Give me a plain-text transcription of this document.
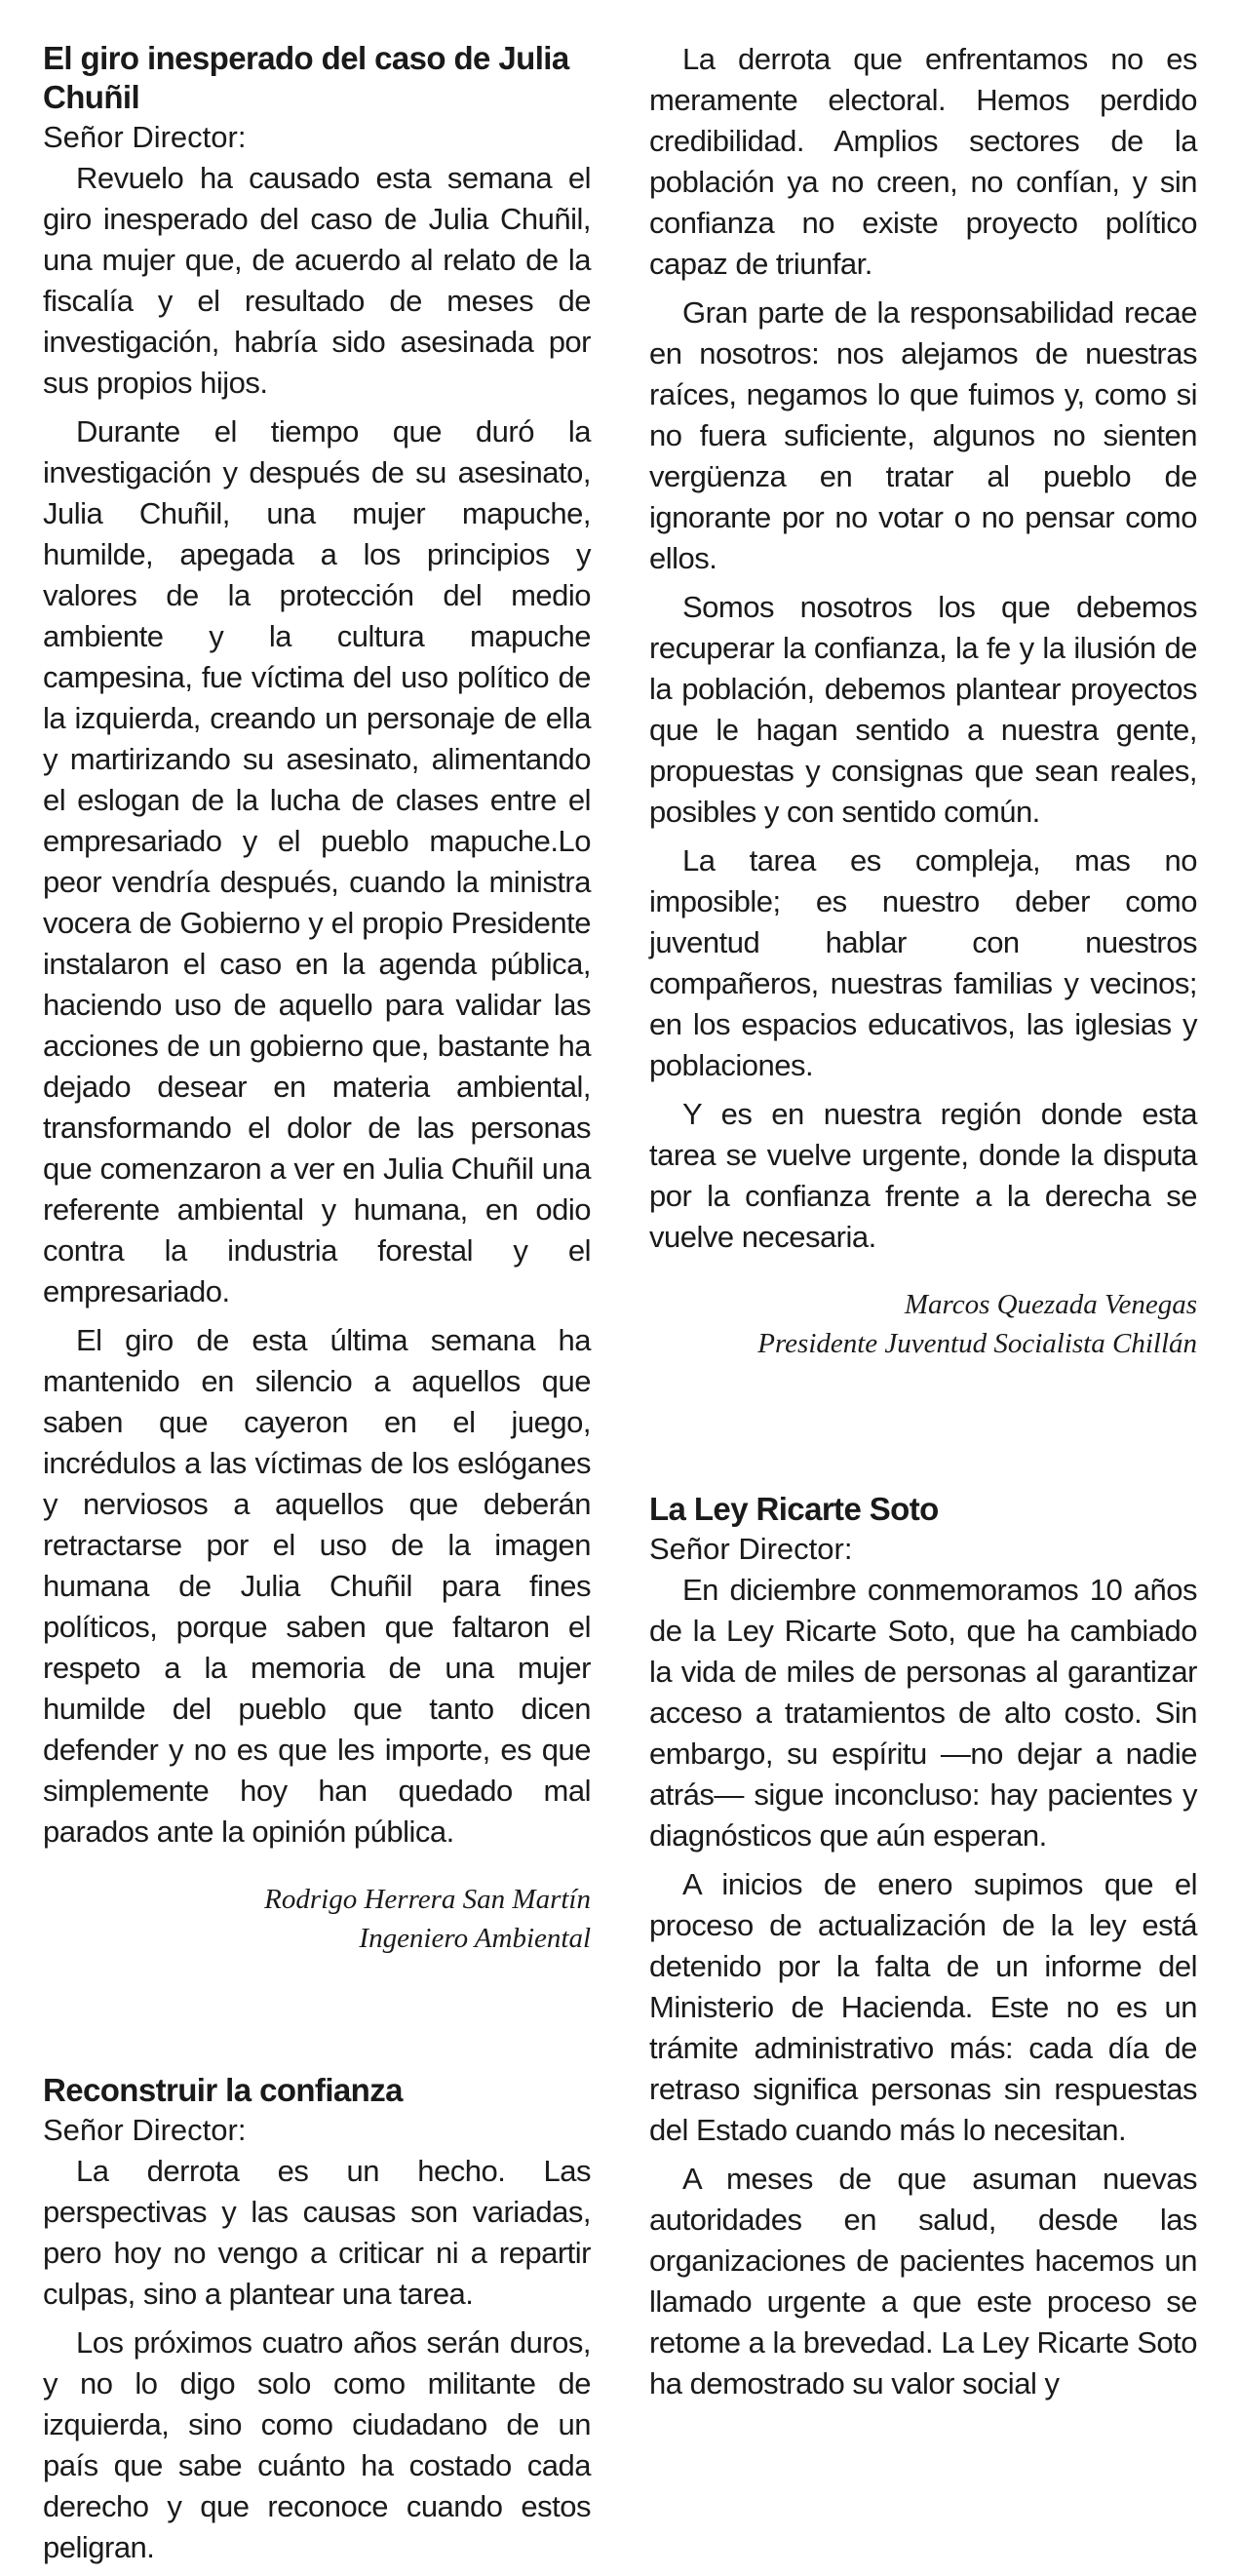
El giro inesperado del caso de Julia Chuñil

Señor Director:

Revuelo ha causado esta semana el giro inesperado del caso de Julia Chuñil, una mujer que, de acuerdo al relato de la fiscalía y el resultado de meses de investigación, habría sido asesinada por sus propios hijos.

Durante el tiempo que duró la investigación y después de su asesinato, Julia Chuñil, una mujer mapuche, humilde, apegada a los principios y valores de la protección del medio ambiente y la cultura mapuche campesina, fue víctima del uso político de la izquierda, creando un personaje de ella y martirizando su asesinato, alimentando el eslogan de la lucha de clases entre el empresariado y el pueblo mapuche.Lo peor vendría después, cuando la ministra vocera de Gobierno y el propio Presidente instalaron el caso en la agenda pública, haciendo uso de aquello para validar las acciones de un gobierno que, bastante ha dejado desear en materia ambiental, transformando el dolor de las personas que comenzaron a ver en Julia Chuñil una referente ambiental y humana, en odio contra la industria forestal y el empresariado.

El giro de esta última semana ha mantenido en silencio a aquellos que saben que cayeron en el juego, incrédulos a las víctimas de los eslóganes y nerviosos a aquellos que deberán retractarse por el uso de la imagen humana de Julia Chuñil para fines políticos, porque saben que faltaron el respeto a la memoria de una mujer humilde del pueblo que tanto dicen defender y no es que les importe, es que simplemente hoy han quedado mal parados ante la opinión pública.

Rodrigo Herrera San Martín

Ingeniero Ambiental

Reconstruir la confianza

Señor Director:

La derrota es un hecho. Las perspectivas y las causas son variadas, pero hoy no vengo a criticar ni a repartir culpas, sino a plantear una tarea.

Los próximos cuatro años serán duros, y no lo digo solo como militante de izquierda, sino como ciudadano de un país que sabe cuánto ha costado cada derecho y que reconoce cuando estos peligran.

La derrota que enfrentamos no es meramente electoral. Hemos perdido credibilidad. Amplios sectores de la población ya no creen, no confían, y sin confianza no existe proyecto político capaz de triunfar.

Gran parte de la responsabilidad recae en nosotros: nos alejamos de nuestras raíces, negamos lo que fuimos y, como si no fuera suficiente, algunos no sienten vergüenza en tratar al pueblo de ignorante por no votar o no pensar como ellos.

Somos nosotros los que debemos recuperar la confianza, la fe y la ilusión de la población, debemos plantear proyectos que le hagan sentido a nuestra gente, propuestas y consignas que sean reales, posibles y con sentido común.

La tarea es compleja, mas no imposible; es nuestro deber como juventud hablar con nuestros compañeros, nuestras familias y vecinos; en los espacios educativos, las iglesias y poblaciones.

Y es en nuestra región donde esta tarea se vuelve urgente, donde la disputa por la confianza frente a la derecha se vuelve necesaria.

Marcos Quezada Venegas

Presidente Juventud Socialista Chillán

La Ley Ricarte Soto

Señor Director:

En diciembre conmemoramos 10 años de la Ley Ricarte Soto, que ha cambiado la vida de miles de personas al garantizar acceso a tratamientos de alto costo. Sin embargo, su espíritu —no dejar a nadie atrás— sigue inconcluso: hay pacientes y diagnósticos que aún esperan.

A inicios de enero supimos que el proceso de actualización de la ley está detenido por la falta de un informe del Ministerio de Hacienda. Este no es un trámite administrativo más: cada día de retraso significa personas sin respuestas del Estado cuando más lo necesitan.

A meses de que asuman nuevas autoridades en salud, desde las organizaciones de pacientes hacemos un llamado urgente a que este proceso se retome a la brevedad. La Ley Ricarte Soto ha demostrado su valor social y
